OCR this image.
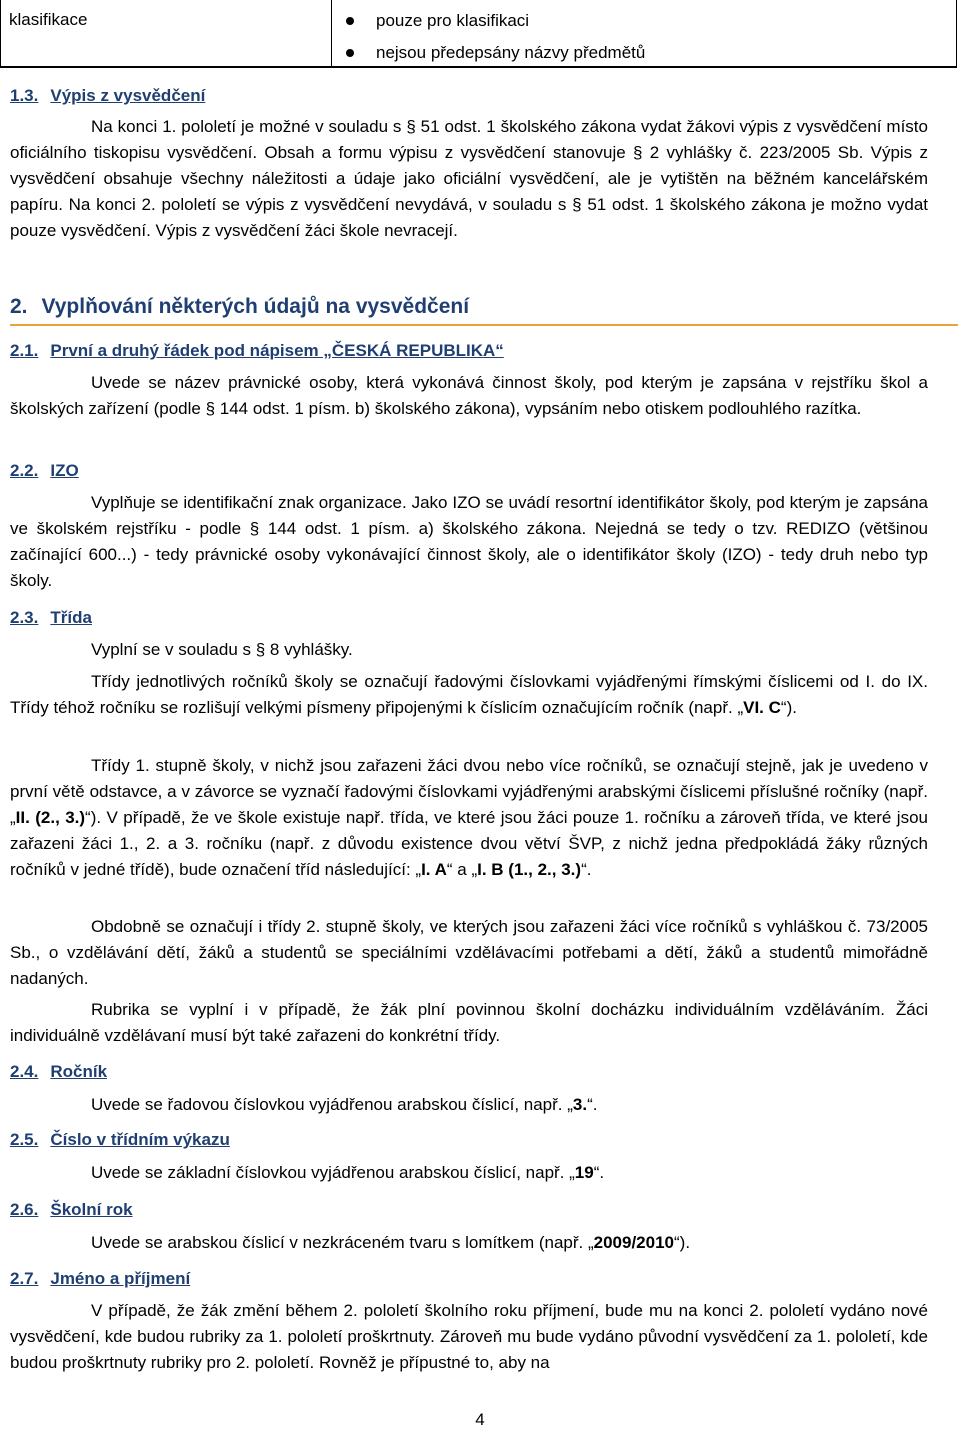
klasifikace	pouze pro klasifikaci
nejsou předepsány názvy předmětů
1.3. Výpis z vysvědčení

Na konci 1. pololetí je možné v souladu s § 51 odst. 1 školského zákona vydat žákovi výpis z vysvědčení místo oficiálního tiskopisu vysvědčení. Obsah a formu výpisu z vysvědčení stanovuje § 2 vyhlášky č. 223/2005 Sb. Výpis z vysvědčení obsahuje všechny náležitosti a údaje jako oficiální vysvědčení, ale je vytištěn na běžném kancelářském papíru. Na konci 2. pololetí se výpis z vysvědčení nevydává, v souladu s § 51 odst. 1 školského zákona je možno vydat pouze vysvědčení. Výpis z vysvědčení žáci škole nevracejí.

2. Vyplňování některých údajů na vysvědčení
2.1. První a druhý řádek pod nápisem „ČESKÁ REPUBLIKA“

Uvede se název právnické osoby, která vykonává činnost školy, pod kterým je zapsána v rejstříku škol a školských zařízení (podle § 144 odst. 1 písm. b) školského zákona), vypsáním nebo otiskem podlouhlého razítka.

2.2. IZO

Vyplňuje se identifikační znak organizace. Jako IZO se uvádí resortní identifikátor školy, pod kterým je zapsána ve školském rejstříku - podle § 144 odst. 1 písm. a) školského zákona. Nejedná se tedy o tzv. REDIZO (většinou začínající 600...) - tedy právnické osoby vykonávající činnost školy, ale o identifikátor školy (IZO) - tedy druh nebo typ školy.

2.3. Třída

Vyplní se v souladu s § 8 vyhlášky.

Třídy jednotlivých ročníků školy se označují řadovými číslovkami vyjádřenými římskými číslicemi od I. do IX. Třídy téhož ročníku se rozlišují velkými písmeny připojenými k číslicím označujícím ročník (např. „VI. C“).

Třídy 1. stupně školy, v nichž jsou zařazeni žáci dvou nebo více ročníků, se označují stejně, jak je uvedeno v první větě odstavce, a v závorce se vyznačí řadovými číslovkami vyjádřenými arabskými číslicemi příslušné ročníky (např. „II. (2., 3.)“). V případě, že ve škole existuje např. třída, ve které jsou žáci pouze 1. ročníku a zároveň třída, ve které jsou zařazeni žáci 1., 2. a 3. ročníku (např. z důvodu existence dvou větví ŠVP, z nichž jedna předpokládá žáky různých ročníků v jedné třídě), bude označení tříd následující: „I. A“ a „I. B (1., 2., 3.)“.

Obdobně se označují i třídy 2. stupně školy, ve kterých jsou zařazeni žáci více ročníků s vyhláškou č. 73/2005 Sb., o vzdělávání dětí, žáků a studentů se speciálními vzdělávacími potřebami a dětí, žáků a studentů mimořádně nadaných.

Rubrika se vyplní i v případě, že žák plní povinnou školní docházku individuálním vzděláváním. Žáci individuálně vzdělávaní musí být také zařazeni do konkrétní třídy.

2.4. Ročník

Uvede se řadovou číslovkou vyjádřenou arabskou číslicí, např. „3.“.

2.5. Číslo v třídním výkazu

Uvede se základní číslovkou vyjádřenou arabskou číslicí, např. „19“.

2.6. Školní rok

Uvede se arabskou číslicí v nezkráceném tvaru s lomítkem (např. „2009/2010“).

2.7. Jméno a příjmení

V případě, že žák změní během 2. pololetí školního roku příjmení, bude mu na konci 2. pololetí vydáno nové vysvědčení, kde budou rubriky za 1. pololetí proškrtnuty. Zároveň mu bude vydáno původní vysvědčení za 1. pololetí, kde budou proškrtnuty rubriky pro 2. pololetí. Rovněž je přípustné to, aby na

4
